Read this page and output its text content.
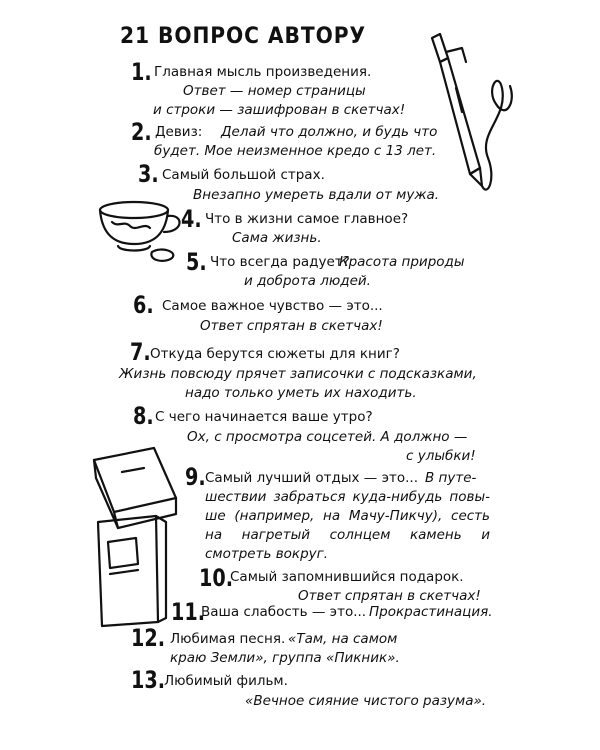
21 ВОПРОС АВТОРУ
1. Главная мысль произведения.
Ответ — номер страницы
и строки — зашифрован в скетчах!
2. Девиз: Делай что должно, и будь что
будет. Мое неизменное кредо с 13 лет.
3. Самый большой страх.
Внезапно умереть вдали от мужа.
4. Что в жизни самое главное?
Сама жизнь.
5. Что всегда радует?
Красота природы
и доброта людей.
6. Самое важное чувство — это...
Ответ спрятан в скетчах!
7. Откуда берутся сюжеты для книг?
Жизнь повсюду прячет записочки с подсказками,
надо только уметь их находить.
8. С чего начинается ваше утро?
Ох, с просмотра соцсетей. А должно —
с улыбки!
9. Самый лучший отдых — это... В путе-
шествии забраться куда-нибудь повы- ше (например, на Мачу-Пикчу), сесть на нагретый солнцем камень и смотреть вокруг.
10.
Самый запомнившийся подарок.
Ответ спрятан в скетчах!
11.
Ваша слабость — это... Прокрастинация.
12. Любимая песня. «Там, на самом
краю Земли», группа «Пикник».
13.
Любимый фильм.
«Вечное сияние чистого разума».
